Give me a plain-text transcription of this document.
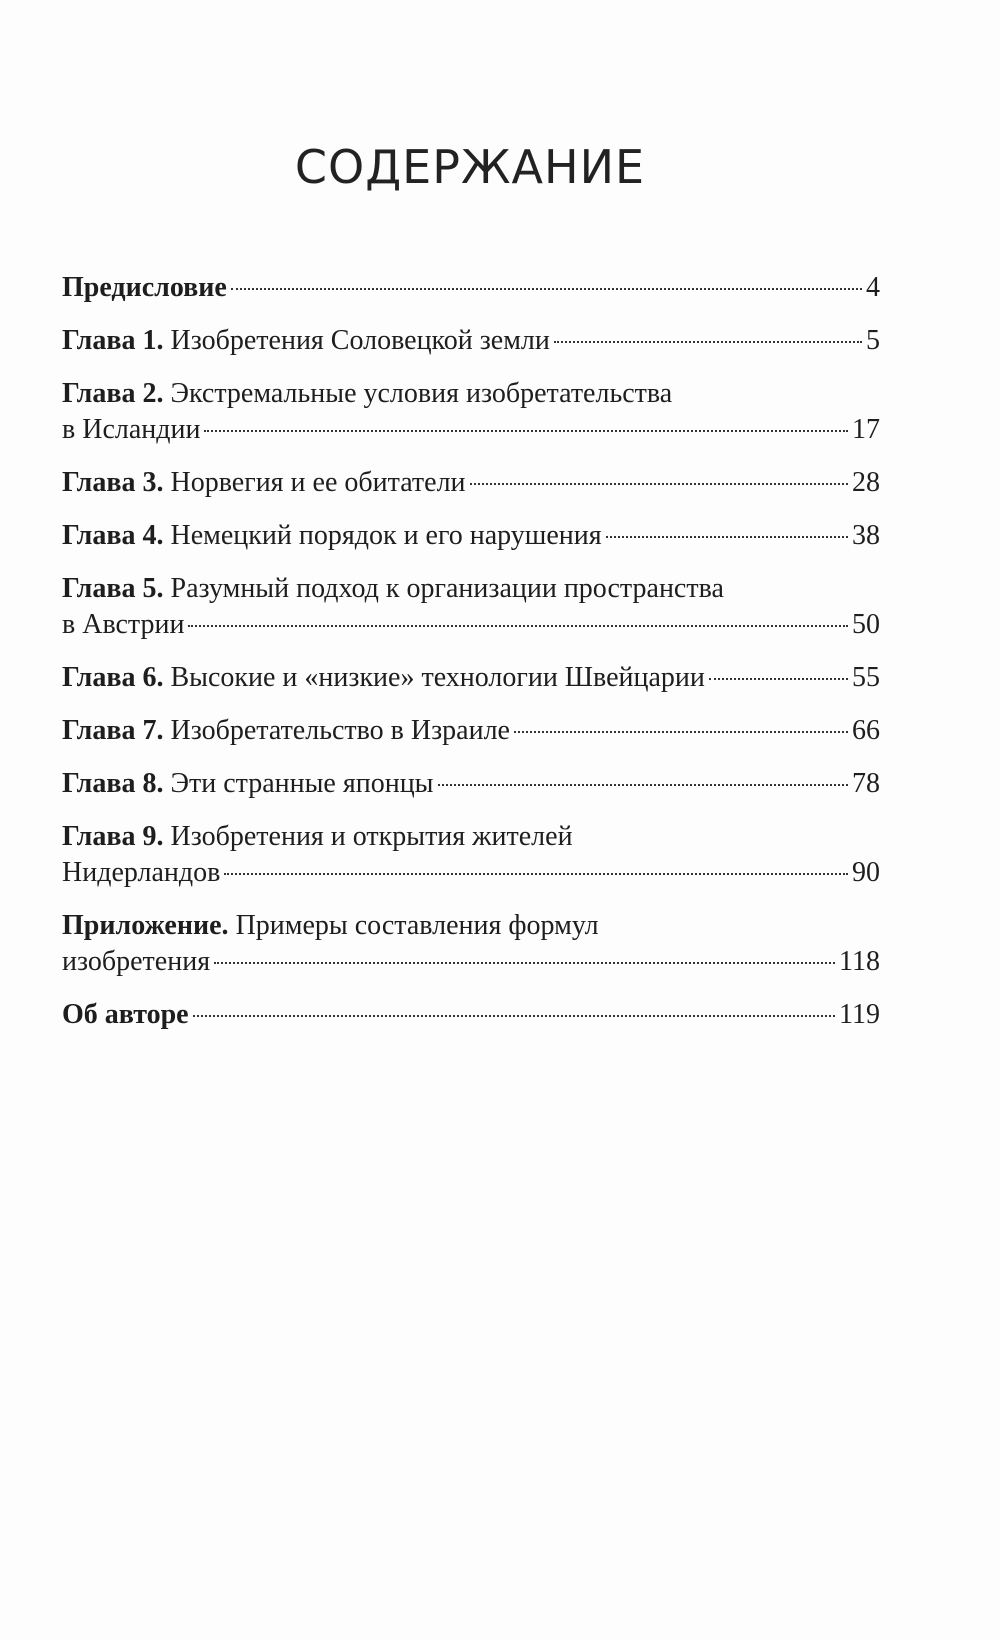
СОДЕРЖАНИЕ
Предисловие	4
Глава 1. Изобретения Соловецкой земли	5
Глава 2. Экстремальные условия изобретательства
в Исландии	17
Глава 3. Норвегия и ее обитатели	28
Глава 4. Немецкий порядок и его нарушения	38
Глава 5. Разумный подход к организации пространства
в Австрии	50
Глава 6. Высокие и «низкие» технологии Швейцарии	55
Глава 7. Изобретательство в Израиле	66
Глава 8. Эти странные японцы	78
Глава 9. Изобретения и открытия жителей
Нидерландов	90
Приложение. Примеры составления формул
изобретения	118
Об авторе	119
